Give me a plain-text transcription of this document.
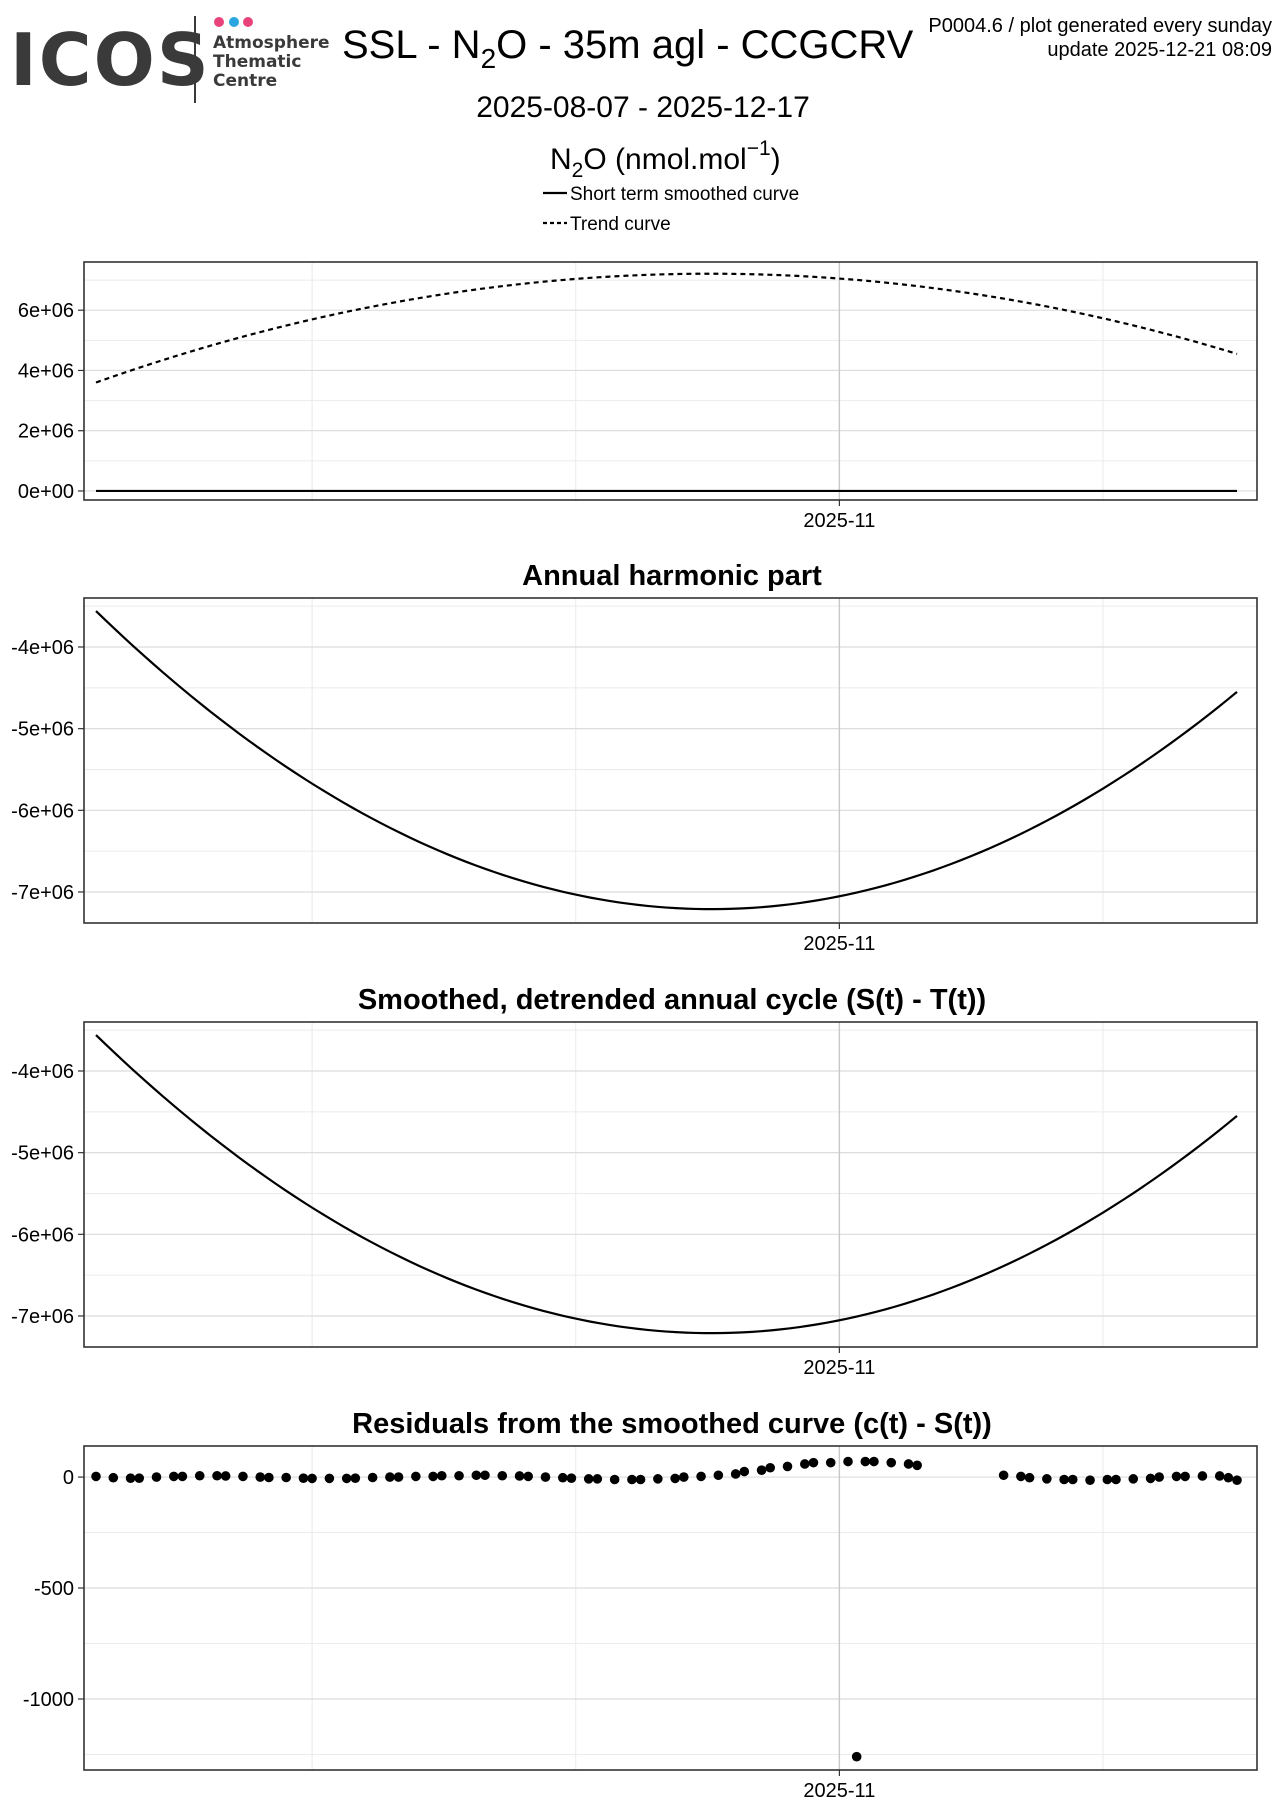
ICOS Atmosphere
Thematic
Centre
SSL - $N_2O - 35m$ agl - CCGCRV P0004.6 / plot generated every sunday
update 2025-12-21 08:09
2025-08-07 - 2025-12-17
$N_2O$ (nmol.mol$^{-1}$)
Short term smoothed curve
Trend curve
0e+00
2e+06
4e+06
6e+06
2025-11
Annual harmonic part
-7e+06
-6e+06
-5e+06
-4e+06
2025-11
Smoothed, detrended annual cycle (S(t) - T(t))
-7e+06
-6e+06
-5e+06
-4e+06
2025-11
Residuals from the smoothed curve (c(t) - S(t))
-1000
-500
0
2025-11
